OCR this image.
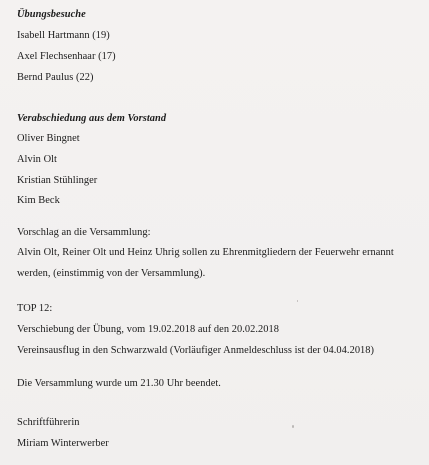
Übungsbesuche
Isabell Hartmann (19)
Axel Flechsenhaar (17)
Bernd Paulus (22)
Verabschiedung aus dem Vorstand
Oliver Bingnet
Alvin Olt
Kristian Stühlinger
Kim Beck
Vorschlag an die Versammlung:
Alvin Olt, Reiner Olt und Heinz Uhrig sollen zu Ehrenmitgliedern der Feuerwehr ernannt
werden, (einstimmig von der Versammlung).
TOP 12:
Verschiebung der Übung, vom 19.02.2018 auf den 20.02.2018
Vereinsausflug in den Schwarzwald (Vorläufiger Anmeldeschluss ist der 04.04.2018)
Die Versammlung wurde um 21.30 Uhr beendet.
Schriftführerin
Miriam Winterwerber
